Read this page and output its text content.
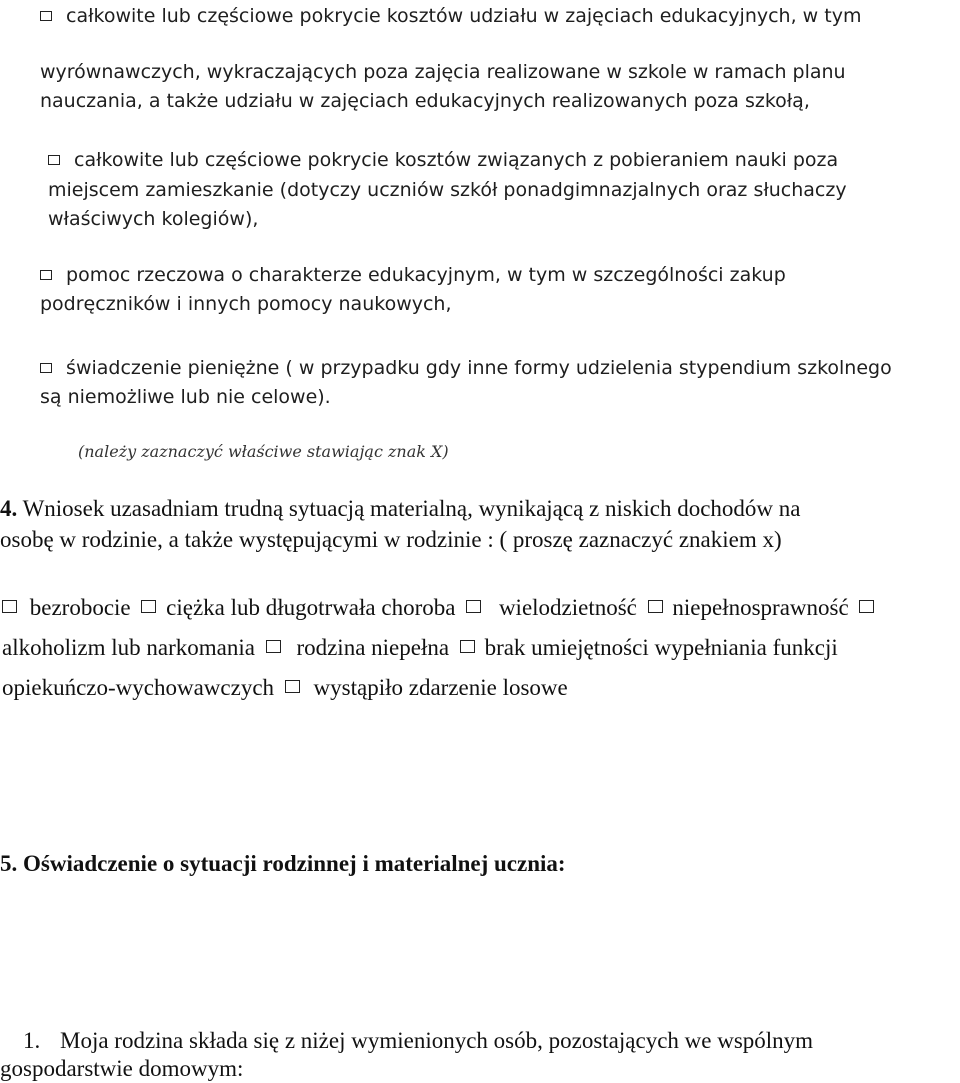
całkowite lub częściowe pokrycie kosztów udziału w zajęciach edukacyjnych, w tym
wyrównawczych, wykraczających poza zajęcia realizowane w szkole w ramach planu
nauczania, a także udziału w zajęciach edukacyjnych realizowanych poza szkołą,
całkowite lub częściowe pokrycie kosztów związanych z pobieraniem nauki poza
miejscem zamieszkanie (dotyczy uczniów szkół ponadgimnazjalnych oraz słuchaczy
właściwych kolegiów),
pomoc rzeczowa o charakterze edukacyjnym, w tym w szczególności zakup
podręczników i innych pomocy naukowych,
świadczenie pieniężne ( w przypadku gdy inne formy udzielenia stypendium szkolnego
są niemożliwe lub nie celowe).
(należy zaznaczyć właściwe stawiając znak X)
4. Wniosek uzasadniam trudną sytuacją materialną, wynikającą z niskich dochodów na
osobę w rodzinie, a także występującymi w rodzinie : ( proszę zaznaczyć znakiem x)
bezrobocie ciężka lub długotrwała choroba wielodzietność niepełnosprawność
alkoholizm lub narkomania rodzina niepełna brak umiejętności wypełniania funkcji
opiekuńczo-wychowawczych wystąpiło zdarzenie losowe
5. Oświadczenie o sytuacji rodzinnej i materialnej ucznia:
1. Moja rodzina składa się z niżej wymienionych osób, pozostających we wspólnym
gospodarstwie domowym:
